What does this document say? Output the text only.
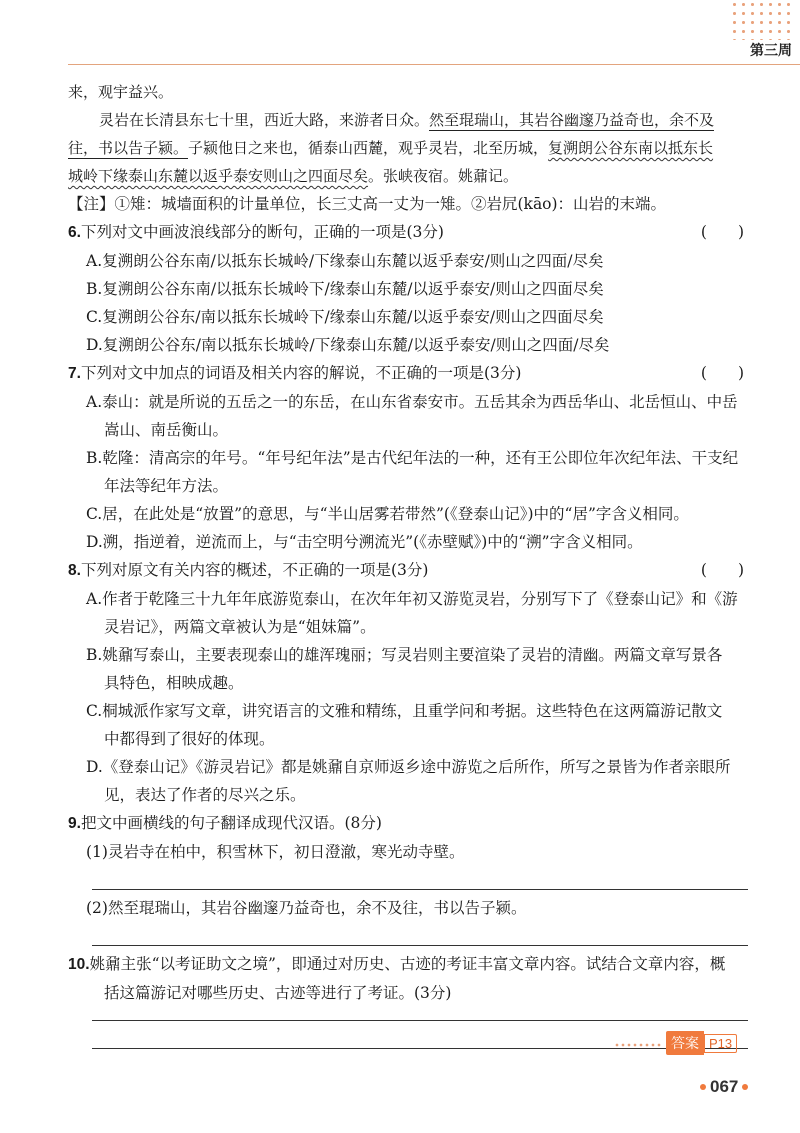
第三周
来，观宇益兴。
灵岩在长清县东七十里，西近大路，来游者日众。然至琨瑞山，其岩谷幽邃乃益奇也，余不及
往，书以告子颍。子颍他日之来也，循泰山西麓，观乎灵岩，北至历城，复溯朗公谷东南以抵东长
城岭下缘泰山东麓以返乎泰安则山之四面尽矣。张峡夜宿。姚鼐记。
【注】①雉：城墙面积的计量单位，长三丈高一丈为一雉。②岩凥(kāo)：山岩的末端。
6.下列对文中画波浪线部分的断句，正确的一项是(3分)	(　　)
A.复溯朗公谷东南/以抵东长城岭/下缘泰山东麓以返乎泰安/则山之四面/尽矣
B.复溯朗公谷东南/以抵东长城岭下/缘泰山东麓/以返乎泰安/则山之四面尽矣
C.复溯朗公谷东/南以抵东长城岭下/缘泰山东麓/以返乎泰安/则山之四面尽矣
D.复溯朗公谷东/南以抵东长城岭/下缘泰山东麓/以返乎泰安/则山之四面/尽矣
7.下列对文中加点的词语及相关内容的解说，不正确的一项是(3分)	(　　)
A.泰山：就是所说的五岳之一的东岳，在山东省泰安市。五岳其余为西岳华山、北岳恒山、中岳
嵩山、南岳衡山。
B.乾隆：清高宗的年号。“年号纪年法”是古代纪年法的一种，还有王公即位年次纪年法、干支纪
年法等纪年方法。
C.居，在此处是“放置”的意思，与“半山居雾若带然”(《登泰山记》)中的“居”字含义相同。
D.溯，指逆着，逆流而上，与“击空明兮溯流光”(《赤壁赋》)中的“溯”字含义相同。
8.下列对原文有关内容的概述，不正确的一项是(3分)	(　　)
A.作者于乾隆三十九年年底游览泰山，在次年年初又游览灵岩，分别写下了《登泰山记》和《游
灵岩记》，两篇文章被认为是“姐妹篇”。
B.姚鼐写泰山，主要表现泰山的雄浑瑰丽；写灵岩则主要渲染了灵岩的清幽。两篇文章写景各
具特色，相映成趣。
C.桐城派作家写文章，讲究语言的文雅和精练，且重学问和考据。这些特色在这两篇游记散文
中都得到了很好的体现。
D.《登泰山记》《游灵岩记》都是姚鼐自京师返乡途中游览之后所作，所写之景皆为作者亲眼所
见，表达了作者的尽兴之乐。
9.把文中画横线的句子翻译成现代汉语。(8分)
(1)灵岩寺在柏中，积雪林下，初日澄澈，寒光动寺壁。
(2)然至琨瑞山，其岩谷幽邃乃益奇也，余不及往，书以告子颍。
10.姚鼐主张“以考证助文之境”，即通过对历史、古迹的考证丰富文章内容。试结合文章内容，概
括这篇游记对哪些历史、古迹等进行了考证。(3分)
答案 P13
067
